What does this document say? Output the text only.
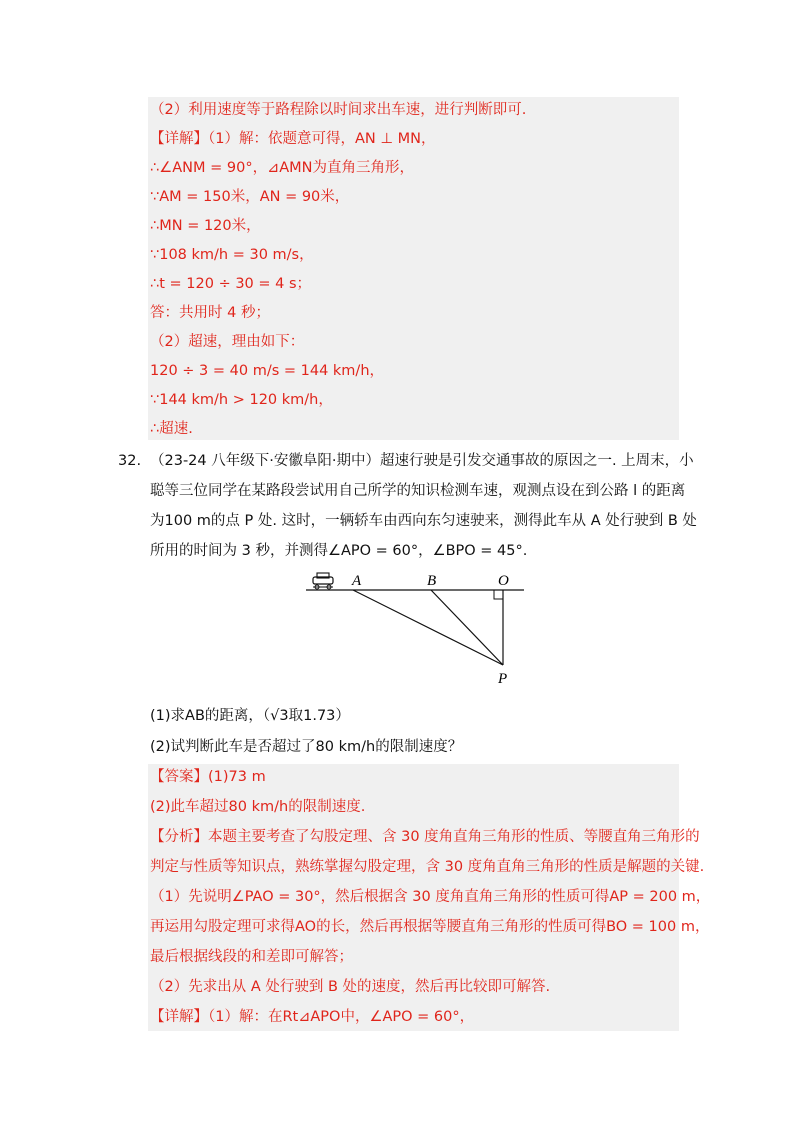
（2）利用速度等于路程除以时间求出车速，进行判断即可.
【详解】（1）解：依题意可得，AN ⊥ MN，
∴∠ANM = 90°，⊿AMN为直角三角形，
∵AM = 150米，AN = 90米，
∴MN = 120米，
∵108 km/h = 30 m/s，
∴t = 120 ÷ 30 = 4 s；
答：共用时 4 秒；
（2）超速，理由如下：
120 ÷ 3 = 40 m/s = 144 km/h，
∵144 km/h > 120 km/h，
∴超速.
32. （23-24 八年级下·安徽阜阳·期中）超速行驶是引发交通事故的原因之一. 上周末，小
聪等三位同学在某路段尝试用自己所学的知识检测车速，观测点设在到公路 l 的距离
为100 m的点 P 处. 这时，一辆轿车由西向东匀速驶来，测得此车从 A 处行驶到 B 处
所用的时间为 3 秒，并测得∠APO = 60°，∠BPO = 45°.
A	B	O
P
(1)求AB的距离，（√3取1.73）
(2)试判断此车是否超过了80 km/h的限制速度？
【答案】(1)73 m
(2)此车超过80 km/h的限制速度.
【分析】本题主要考查了勾股定理、含 30 度角直角三角形的性质、等腰直角三角形的
判定与性质等知识点，熟练掌握勾股定理，含 30 度角直角三角形的性质是解题的关键.
（1）先说明∠PAO = 30°，然后根据含 30 度角直角三角形的性质可得AP = 200 m，
再运用勾股定理可求得AO的长，然后再根据等腰直角三角形的性质可得BO = 100 m，
最后根据线段的和差即可解答；
（2）先求出从 A 处行驶到 B 处的速度，然后再比较即可解答.
【详解】（1）解：在Rt⊿APO中，∠APO = 60°，
